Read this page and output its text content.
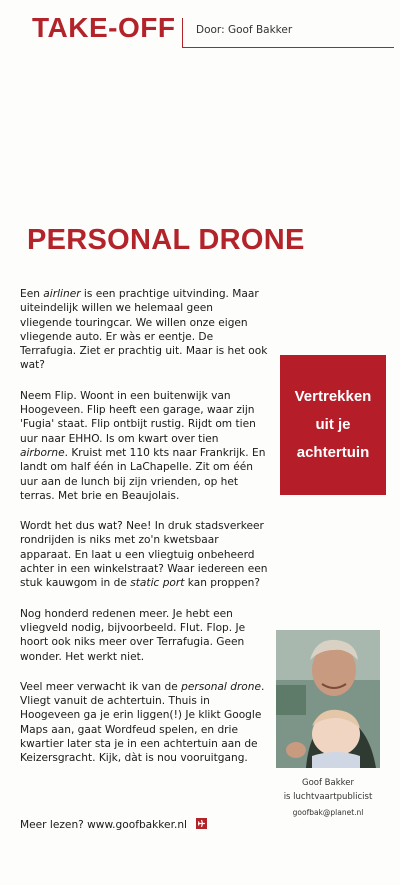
TAKE-OFF Door: Goof Bakker
PERSONAL DRONE

Een airliner is een prachtige uitvinding. Maar uiteindelijk willen we helemaal geen vliegende touringcar. We willen onze eigen vliegende auto. Er wàs er eentje. De Terrafugia. Ziet er prachtig uit. Maar is het ook wat?

Neem Flip. Woont in een buitenwijk van Hoogeveen. Flip heeft een garage, waar zijn 'Fugia' staat. Flip ontbijt rustig. Rijdt om tien uur naar EHHO. Is om kwart over tien airborne. Kruist met 110 kts naar Frankrijk. En landt om half één in LaChapelle. Zit om één uur aan de lunch bij zijn vrienden, op het terras. Met brie en Beaujolais.

Wordt het dus wat? Nee! In druk stadsverkeer rondrijden is niks met zo'n kwetsbaar apparaat. En laat u een vliegtuig onbeheerd achter in een winkelstraat? Waar iedereen een stuk kauwgom in de static port kan proppen?

Nog honderd redenen meer. Je hebt een vliegveld nodig, bijvoorbeeld. Flut. Flop. Je hoort ook niks meer over Terrafugia. Geen wonder. Het werkt niet.

Veel meer verwacht ik van de personal drone. Vliegt vanuit de achtertuin. Thuis in Hoogeveen ga je erin liggen(!) Je klikt Google Maps aan, gaat Wordfeud spelen, en drie kwartier later sta je in een achtertuin aan de Keizersgracht. Kijk, dàt is nou vooruitgang.

Vertrekken
uit je
achtertuin
Goof Bakker
is luchtvaartpublicist
goofbak@planet.nl
Meer lezen? www.goofbakker.nl
